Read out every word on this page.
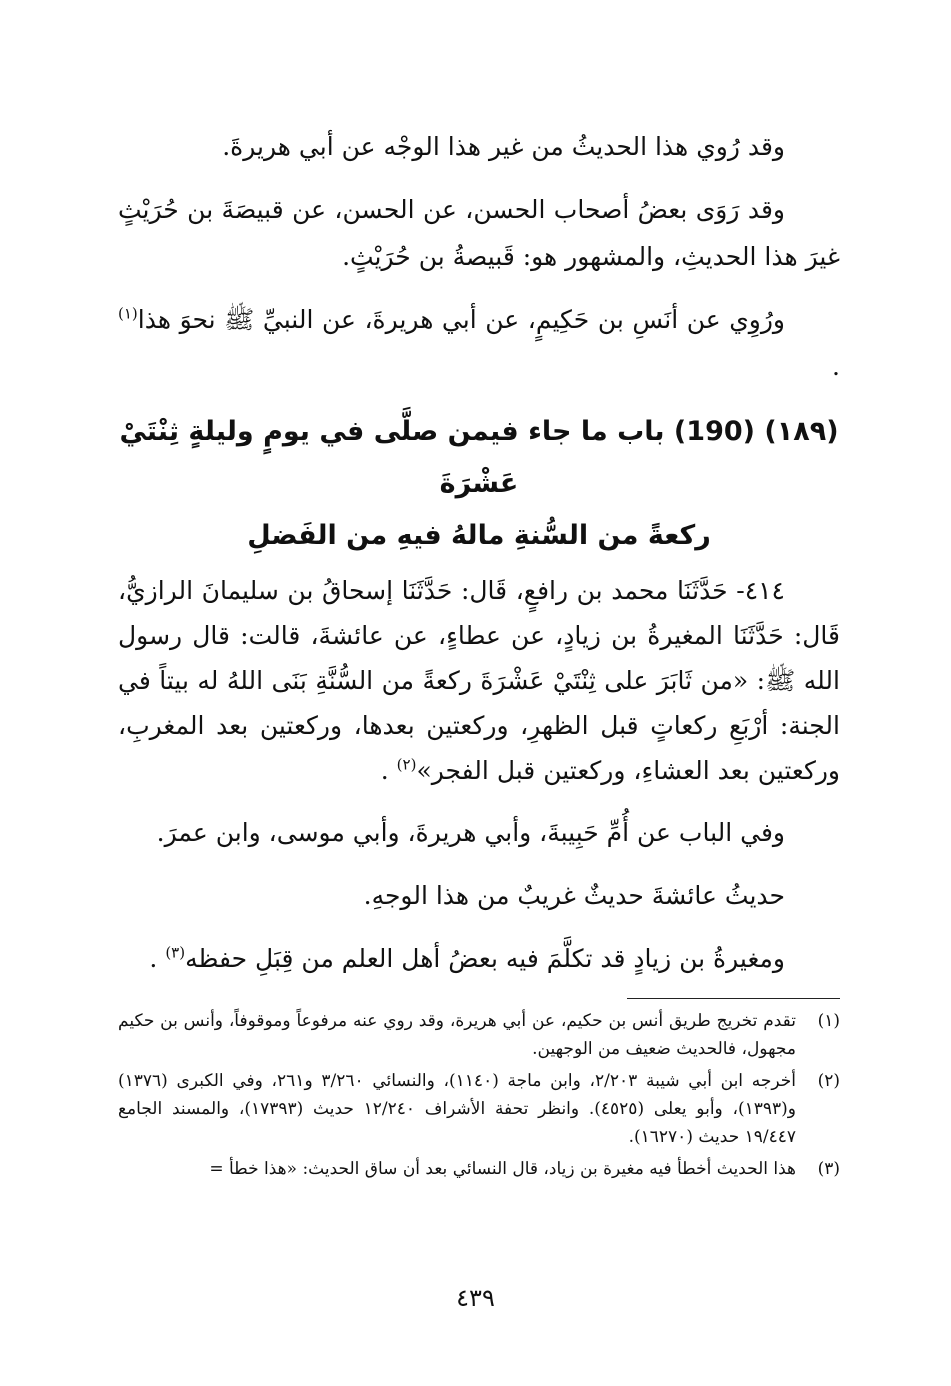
وقد رُوي هذا الحديثُ من غير هذا الوجْه عن أبي هريرةَ.

وقد رَوَى بعضُ أصحاب الحسن، عن الحسن، عن قبيصَةَ بن حُرَيْثٍ غيرَ هذا الحديثِ، والمشهور هو: قَبيصةُ بن حُرَيْثٍ.

ورُوِي عن أنَسِ بن حَكِيمٍ، عن أبي هريرةَ، عن النبيِّ ﷺ نحوَ هذا$^{(١)}$ .

(١٨٩) (190) باب ما جاء فيمن صلَّى في يومٍ وليلةٍ ثِنْتَيْ عَشْرَةَ
ركعةً من السُّنةِ مالهُ فيهِ من الفَضلِ

٤١٤- حَدَّثَنَا محمد بن رافعٍ، قَال: حَدَّثَنَا إسحاقُ بن سليمانَ الرازيُّ، قَال: حَدَّثَنَا المغيرةُ بن زيادٍ، عن عطاءٍ، عن عائشةَ، قالت: قال رسول الله ﷺ: «من ثَابَرَ على ثِنْتَيْ عَشْرَةَ ركعةً من السُّنَّةِ بَنَى اللهُ له بيتاً في الجنة: أرْبَعِ ركعاتٍ قبل الظهرِ، وركعتين بعدها، وركعتين بعد المغربِ، وركعتين بعد العشاءِ، وركعتين قبل الفجر»$^{(٢)}$ .

وفي الباب عن أُمِّ حَبِيبةَ، وأبي هريرةَ، وأبي موسى، وابن عمرَ.

حديثُ عائشةَ حديثٌ غريبٌ من هذا الوجهِ.

ومغيرةُ بن زيادٍ قد تكلَّمَ فيه بعضُ أهل العلم من قِبَلِ حفظه$^{(٣)}$ .

(١)
تقدم تخريج طريق أنس بن حكيم، عن أبي هريرة، وقد روي عنه مرفوعاً وموقوفاً، وأنس بن حكيم مجهول، فالحديث ضعيف من الوجهين.
(٢)
أخرجه ابن أبي شيبة ٢/٢٠٣، وابن ماجة (١١٤٠)، والنسائي ٣/٢٦٠ و٢٦١، وفي الكبرى (١٣٧٦) و(١٣٩٣)، وأبو يعلى (٤٥٢٥). وانظر تحفة الأشراف ١٢/٢٤٠ حديث (١٧٣٩٣)، والمسند الجامع ١٩/٤٤٧ حديث (١٦٢٧٠).
(٣)
هذا الحديث أخطأ فيه مغيرة بن زياد، قال النسائي بعد أن ساق الحديث: «هذا خطأ =
٤٣٩
